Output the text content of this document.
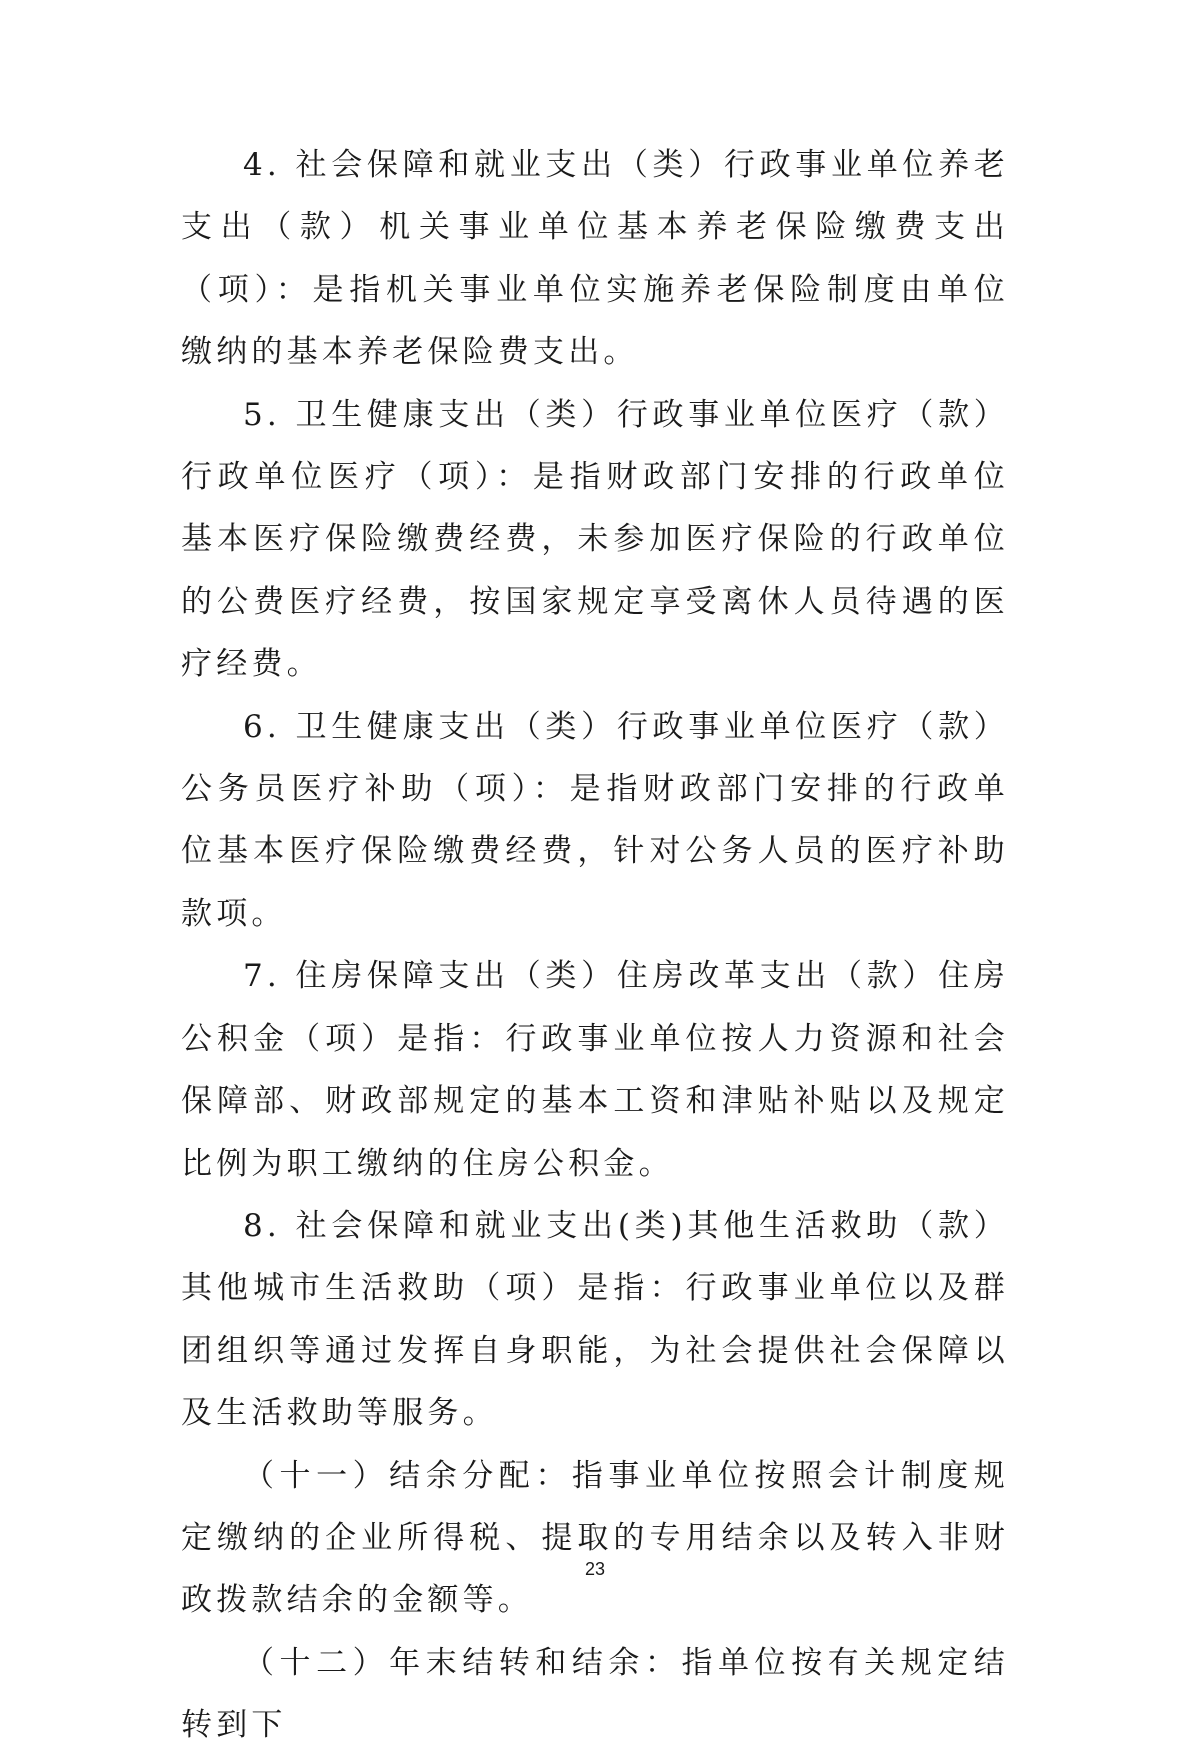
4. 社会保障和就业支出（类）行政事业单位养老支出（款）机关事业单位基本养老保险缴费支出（项）：是指机关事业单位实施养老保险制度由单位缴纳的基本养老保险费支出。

5. 卫生健康支出（类）行政事业单位医疗（款）行政单位医疗（项）：是指财政部门安排的行政单位基本医疗保险缴费经费，未参加医疗保险的行政单位的公费医疗经费，按国家规定享受离休人员待遇的医疗经费。

6. 卫生健康支出（类）行政事业单位医疗（款）公务员医疗补助（项）：是指财政部门安排的行政单位基本医疗保险缴费经费，针对公务人员的医疗补助款项。

7. 住房保障支出（类）住房改革支出（款）住房公积金（项）是指：行政事业单位按人力资源和社会保障部、财政部规定的基本工资和津贴补贴以及规定比例为职工缴纳的住房公积金。

8. 社会保障和就业支出(类)其他生活救助（款）其他城市生活救助（项）是指：行政事业单位以及群团组织等通过发挥自身职能，为社会提供社会保障以及生活救助等服务。

（十一）结余分配：指事业单位按照会计制度规定缴纳的企业所得税、提取的专用结余以及转入非财政拨款结余的金额等。

（十二）年末结转和结余：指单位按有关规定结转到下

23
